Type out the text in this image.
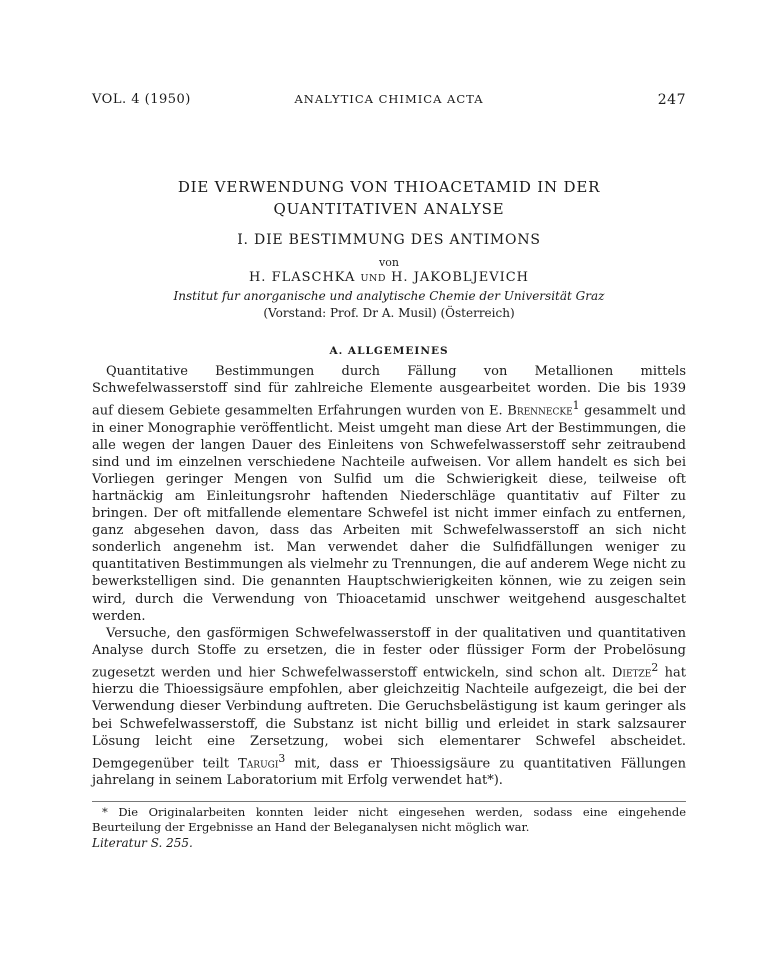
VOL. 4 (1950)	ANALYTICA CHIMICA ACTA	247
DIE VERWENDUNG VON THIOACETAMID IN DER
QUANTITATIVEN ANALYSE
I. DIE BESTIMMUNG DES ANTIMONS
von
H. FLASCHKA UND H. JAKOBLJEVICH
Institut fur anorganische und analytische Chemie der Universität Graz
(Vorstand: Prof. Dr A. Musil) (Österreich)
A. ALLGEMEINES

Quantitative Bestimmungen durch Fällung von Metallionen mittels Schwefelwasserstoff sind für zahlreiche Elemente ausgearbeitet worden. Die bis 1939 auf diesem Gebiete gesammelten Erfahrungen wurden von E. Brennecke$^1$ gesammelt und in einer Monographie veröffentlicht. Meist umgeht man diese Art der Bestimmungen, die alle wegen der langen Dauer des Einleitens von Schwefelwasserstoff sehr zeitraubend sind und im einzelnen verschiedene Nachteile aufweisen. Vor allem handelt es sich bei Vorliegen geringer Mengen von Sulfid um die Schwierigkeit diese, teilweise oft hartnäckig am Einleitungsrohr haftenden Niederschläge quantitativ auf Filter zu bringen. Der oft mitfallende elementare Schwefel ist nicht immer einfach zu entfernen, ganz abgesehen davon, dass das Arbeiten mit Schwefelwasserstoff an sich nicht sonderlich angenehm ist. Man verwendet daher die Sulfidfällungen weniger zu quantitativen Bestimmungen als vielmehr zu Trennungen, die auf anderem Wege nicht zu bewerkstelligen sind. Die genannten Hauptschwierigkeiten können, wie zu zeigen sein wird, durch die Verwendung von Thioacetamid unschwer weitgehend ausgeschaltet werden.

Versuche, den gasförmigen Schwefelwasserstoff in der qualitativen und quantitativen Analyse durch Stoffe zu ersetzen, die in fester oder flüssiger Form der Probelösung zugesetzt werden und hier Schwefelwasserstoff entwickeln, sind schon alt. Dietze$^2$ hat hierzu die Thioessigsäure empfohlen, aber gleichzeitig Nachteile aufgezeigt, die bei der Verwendung dieser Verbindung auftreten. Die Geruchsbelästigung ist kaum geringer als bei Schwefelwasserstoff, die Substanz ist nicht billig und erleidet in stark salzsaurer Lösung leicht eine Zersetzung, wobei sich elementarer Schwefel abscheidet. Demgegenüber teilt Tarugi$^3$ mit, dass er Thioessigsäure zu quantitativen Fällungen jahrelang in seinem Laboratorium mit Erfolg verwendet hat*).

* Die Originalarbeiten konnten leider nicht eingesehen werden, sodass eine eingehende Beurteilung der Ergebnisse an Hand der Beleganalysen nicht möglich war.

Literatur S. 255.
